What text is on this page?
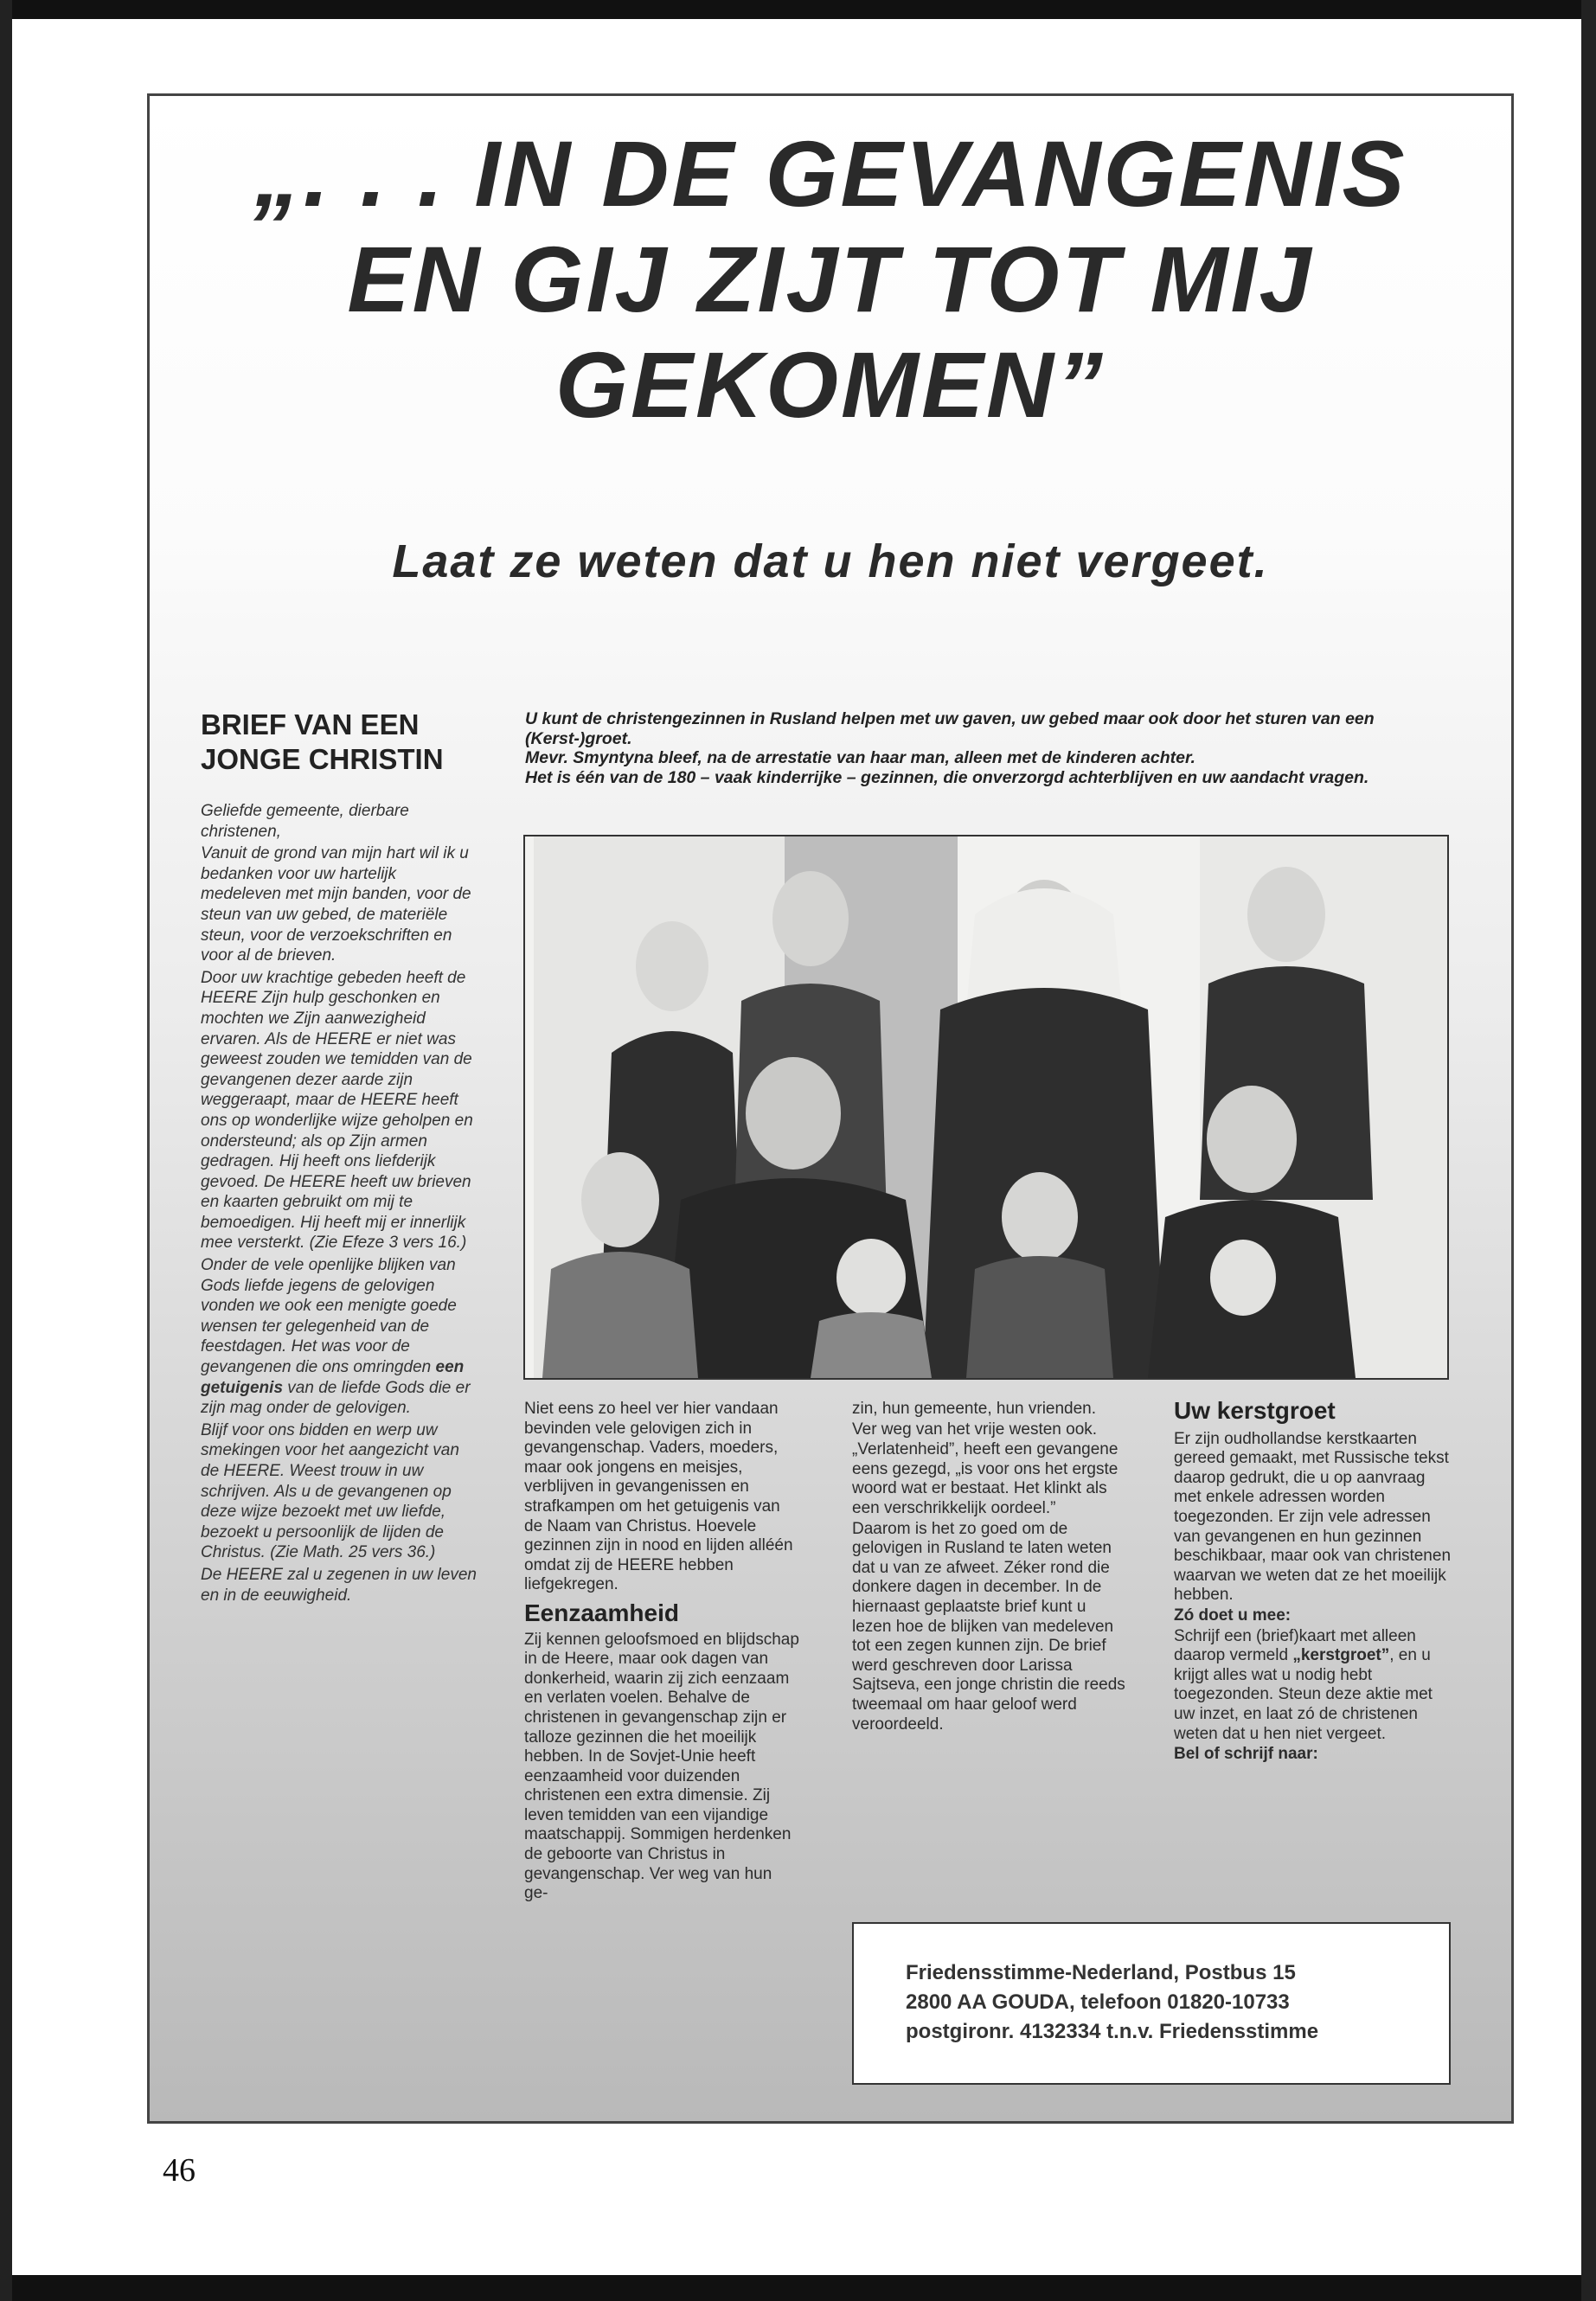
„. . . IN DE GEVANGENIS
EN GIJ ZIJT TOT MIJ
GEKOMEN”
Laat ze weten dat u hen niet vergeet.
BRIEF VAN EEN JONGE CHRISTIN

Geliefde gemeente, dierbare christenen,

Vanuit de grond van mijn hart wil ik u bedanken voor uw hartelijk medeleven met mijn banden, voor de steun van uw gebed, de materiële steun, voor de verzoekschriften en voor al de brieven.

Door uw krachtige gebeden heeft de HEERE Zijn hulp geschonken en mochten we Zijn aanwezigheid ervaren. Als de HEERE er niet was geweest zouden we temidden van de gevangenen dezer aarde zijn weggeraapt, maar de HEERE heeft ons op wonderlijke wijze geholpen en ondersteund; als op Zijn armen gedragen. Hij heeft ons liefderijk gevoed. De HEERE heeft uw brieven en kaarten gebruikt om mij te bemoedigen. Hij heeft mij er innerlijk mee versterkt. (Zie Efeze 3 vers 16.)

Onder de vele openlijke blijken van Gods liefde jegens de gelovigen vonden we ook een menigte goede wensen ter gelegenheid van de feestdagen. Het was voor de gevangenen die ons omringden een getuigenis van de liefde Gods die er zijn mag onder de gelovigen.

Blijf voor ons bidden en werp uw smekingen voor het aangezicht van de HEERE. Weest trouw in uw schrijven. Als u de gevangenen op deze wijze bezoekt met uw liefde, bezoekt u persoonlijk de lijden de Christus. (Zie Math. 25 vers 36.)

De HEERE zal u zegenen in uw leven en in de eeuwigheid.

U kunt de christengezinnen in Rusland helpen met uw gaven, uw gebed maar ook door het sturen van een (Kerst-)groet.

Mevr. Smyntyna bleef, na de arrestatie van haar man, alleen met de kinderen achter.

Het is één van de 180 – vaak kinderrijke – gezinnen, die onverzorgd achterblijven en uw aandacht vragen.

Niet eens zo heel ver hier vandaan bevinden vele gelovigen zich in gevangenschap. Vaders, moeders, maar ook jongens en meisjes, verblijven in gevangenissen en strafkampen om het getuigenis van de Naam van Christus. Hoevele gezinnen zijn in nood en lijden alléén omdat zij de HEERE hebben liefgekregen.

Eenzaamheid

Zij kennen geloofsmoed en blijdschap in de Heere, maar ook dagen van donkerheid, waarin zij zich eenzaam en verlaten voelen. Behalve de christenen in gevangenschap zijn er talloze gezinnen die het moeilijk hebben. In de Sovjet-Unie heeft eenzaamheid voor duizenden christenen een extra dimensie. Zij leven temidden van een vijandige maatschappij. Sommigen herdenken de geboorte van Christus in gevangenschap. Ver weg van hun ge-

zin, hun gemeente, hun vrienden.

Ver weg van het vrije westen ook.

„Verlatenheid”, heeft een gevangene eens gezegd, „is voor ons het ergste woord wat er bestaat. Het klinkt als een verschrikkelijk oordeel.”

Daarom is het zo goed om de gelovigen in Rusland te laten weten dat u van ze afweet. Zéker rond die donkere dagen in december. In de hiernaast geplaatste brief kunt u lezen hoe de blijken van medeleven tot een zegen kunnen zijn. De brief werd geschreven door Larissa Sajtseva, een jonge christin die reeds tweemaal om haar geloof werd veroordeeld.

Uw kerstgroet

Er zijn oudhollandse kerstkaarten gereed gemaakt, met Russische tekst daarop gedrukt, die u op aanvraag met enkele adressen worden toegezonden. Er zijn vele adressen van gevangenen en hun gezinnen beschikbaar, maar ook van christenen waarvan we weten dat ze het moeilijk hebben.

Zó doet u mee:

Schrijf een (brief)kaart met alleen daarop vermeld „kerstgroet”, en u krijgt alles wat u nodig hebt toegezonden. Steun deze aktie met uw inzet, en laat zó de christenen weten dat u hen niet vergeet.

Bel of schrijf naar:

Friedensstimme-Nederland, Postbus 15
2800 AA GOUDA, telefoon 01820-10733
postgironr. 4132334 t.n.v. Friedensstimme
46
